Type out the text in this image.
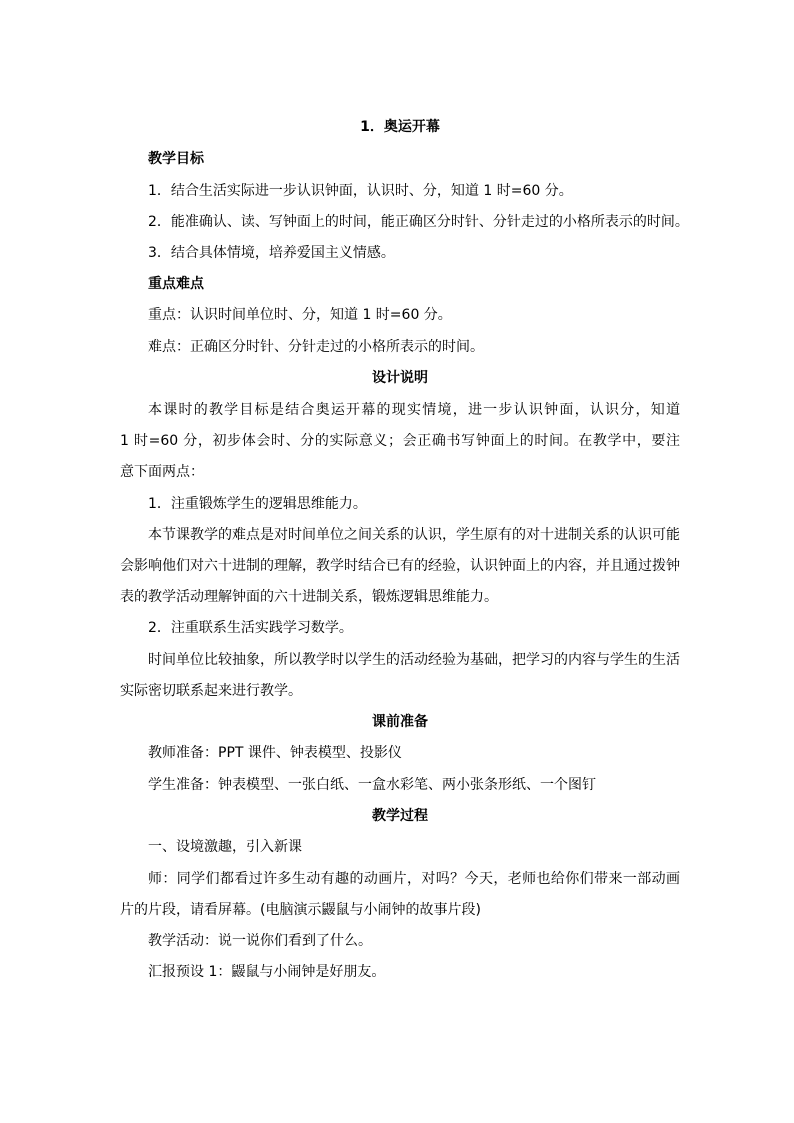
1．奥运开幕
教学目标
1．结合生活实际进一步认识钟面，认识时、分，知道 1 时=60 分。
2．能准确认、读、写钟面上的时间，能正确区分时针、分针走过的小格所表示的时间。
3．结合具体情境，培养爱国主义情感。
重点难点
重点：认识时间单位时、分，知道 1 时=60 分。
难点：正确区分时针、分针走过的小格所表示的时间。
设计说明
本课时的教学目标是结合奥运开幕的现实情境，进一步认识钟面，认识分，知道
1 时=60 分，初步体会时、分的实际意义；会正确书写钟面上的时间。在教学中，要注
意下面两点：
1．注重锻炼学生的逻辑思维能力。
本节课教学的难点是对时间单位之间关系的认识，学生原有的对十进制关系的认识可能
会影响他们对六十进制的理解，教学时结合已有的经验，认识钟面上的内容，并且通过拨钟
表的教学活动理解钟面的六十进制关系，锻炼逻辑思维能力。
2．注重联系生活实践学习数学。
时间单位比较抽象，所以教学时以学生的活动经验为基础，把学习的内容与学生的生活
实际密切联系起来进行教学。
课前准备
教师准备：PPT 课件、钟表模型、投影仪
学生准备：钟表模型、一张白纸、一盒水彩笔、两小张条形纸、一个图钉
教学过程
一、设境激趣，引入新课
师：同学们都看过许多生动有趣的动画片，对吗？今天，老师也给你们带来一部动画
片的片段，请看屏幕。(电脑演示鼹鼠与小闹钟的故事片段)
教学活动：说一说你们看到了什么。
汇报预设 1：鼹鼠与小闹钟是好朋友。
